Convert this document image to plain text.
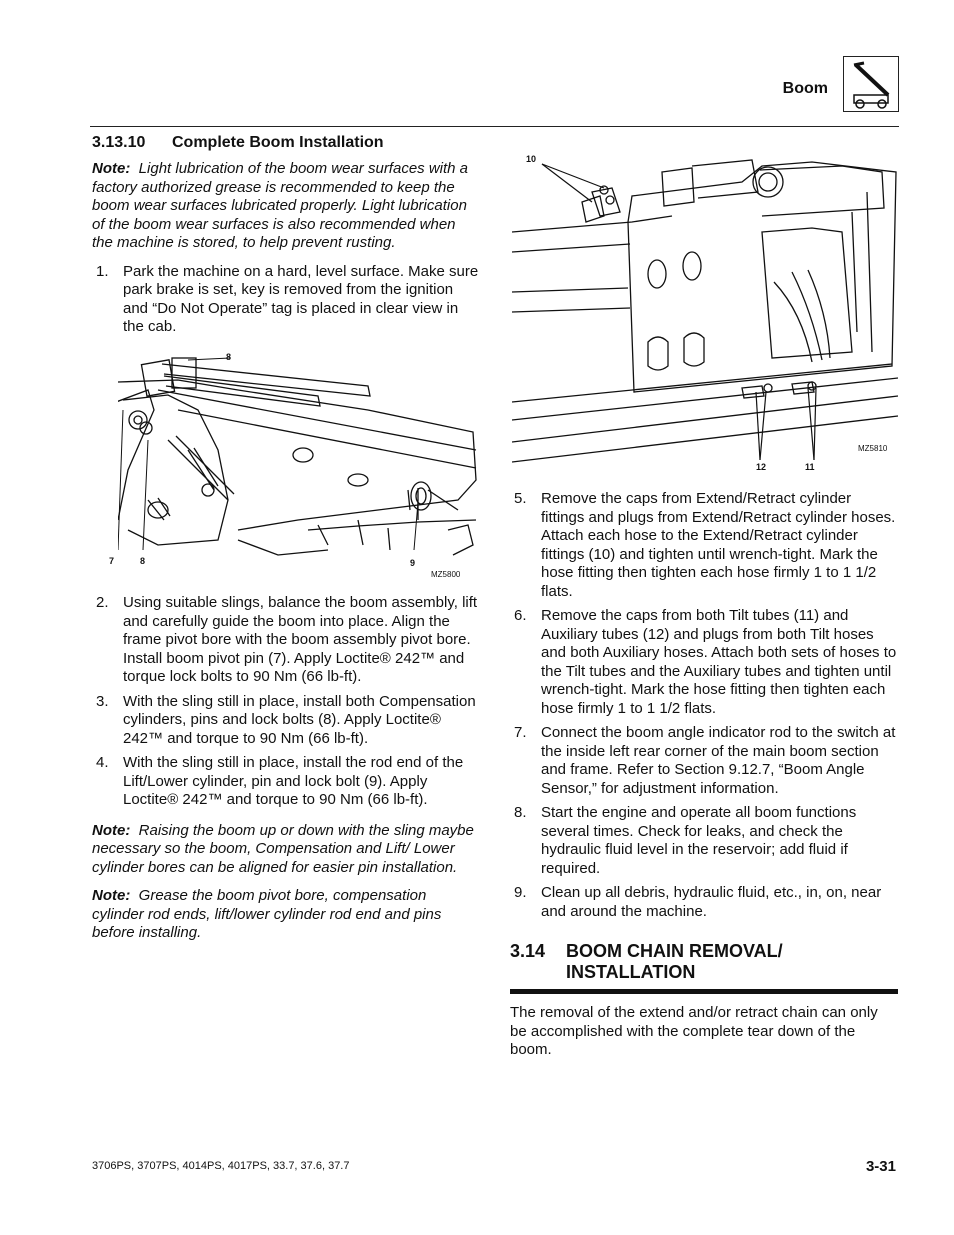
Boom
3.13.10 Complete Boom Installation

Note: Light lubrication of the boom wear surfaces with a factory authorized grease is recommended to keep the boom wear surfaces lubricated properly. Light lubrication of the boom wear surfaces is also recommended when the machine is stored, to help prevent rusting.

1. Park the machine on a hard, level surface. Make sure park brake is set, key is removed from the ignition and “Do Not Operate” tag is placed in clear view in the cab.
8
7	8	9
MZ5800
2. Using suitable slings, balance the boom assembly, lift and carefully guide the boom into place. Align the frame pivot bore with the boom assembly pivot bore. Install boom pivot pin (7). Apply Loctite® 242™ and torque lock bolts to 90 Nm (66 lb-ft).
3. With the sling still in place, install both Compensation cylinders, pins and lock bolts (8). Apply Loctite® 242™ and torque to 90 Nm (66 lb-ft).
4. With the sling still in place, install the rod end of the Lift/Lower cylinder, pin and lock bolt (9). Apply Loctite® 242™ and torque to 90 Nm (66 lb-ft).

Note: Raising the boom up or down with the sling maybe necessary so the boom, Compensation and Lift/ Lower cylinder bores can be aligned for easier pin installation.

Note: Grease the boom pivot bore, compensation cylinder rod ends, lift/lower cylinder rod end and pins before installing.

10
12	11
MZ5810
5. Remove the caps from Extend/Retract cylinder fittings and plugs from Extend/Retract cylinder hoses. Attach each hose to the Extend/Retract cylinder fittings (10) and tighten until wrench-tight. Mark the hose fitting then tighten each hose firmly 1 to 1 1/2 flats.
6. Remove the caps from both Tilt tubes (11) and Auxiliary tubes (12) and plugs from both Tilt hoses and both Auxiliary hoses. Attach both sets of hoses to the Tilt tubes and the Auxiliary tubes and tighten until wrench-tight. Mark the hose fitting then tighten each hose firmly 1 to 1 1/2 flats.
7. Connect the boom angle indicator rod to the switch at the inside left rear corner of the main boom section and frame. Refer to Section 9.12.7, “Boom Angle Sensor,” for adjustment information.
8. Start the engine and operate all boom functions several times. Check for leaks, and check the hydraulic fluid level in the reservoir; add fluid if required.
9. Clean up all debris, hydraulic fluid, etc., in, on, near and around the machine.
3.14	BOOM CHAIN REMOVAL/ INSTALLATION

The removal of the extend and/or retract chain can only be accomplished with the complete tear down of the boom.

3706PS, 3707PS, 4014PS, 4017PS, 33.7, 37.6, 37.7	3-31
